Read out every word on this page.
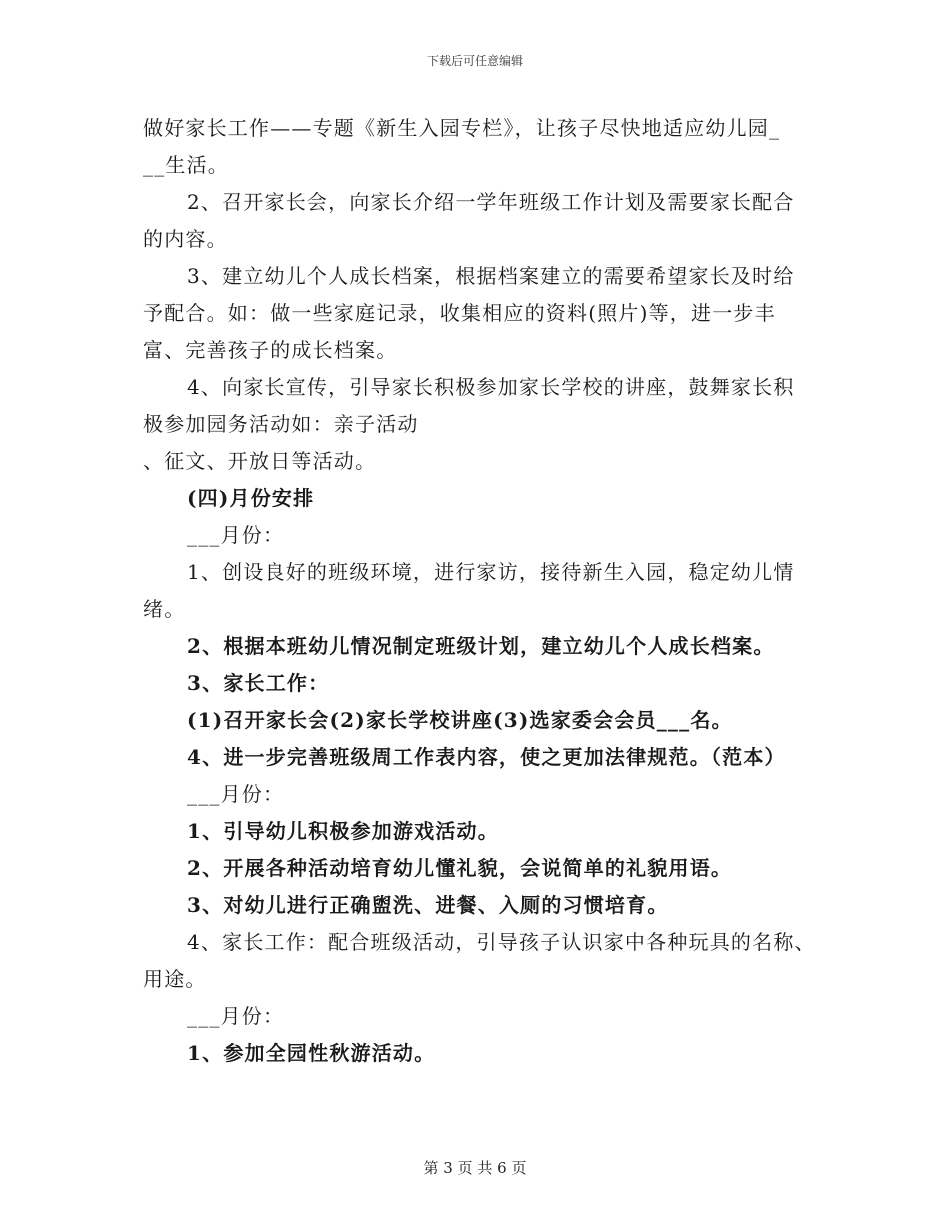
下载后可任意编辑
做好家长工作——专题《新生入园专栏》，让孩子尽快地适应幼儿园_
__生活。
2、召开家长会，向家长介绍一学年班级工作计划及需要家长配合
的内容。
3、建立幼儿个人成长档案，根据档案建立的需要希望家长及时给
予配合。如：做一些家庭记录，收集相应的资料(照片)等，进一步丰
富、完善孩子的成长档案。
4、向家长宣传，引导家长积极参加家长学校的讲座，鼓舞家长积
极参加园务活动如：亲子活动
、征文、开放日等活动。
(四)月份安排
___月份：
1、创设良好的班级环境，进行家访，接待新生入园，稳定幼儿情
绪。
2、根据本班幼儿情况制定班级计划，建立幼儿个人成长档案。
3、家长工作：
(1)召开家长会(2)家长学校讲座(3)选家委会会员___名。
4、进一步完善班级周工作表内容，使之更加法律规范。（范本）
___月份：
1、引导幼儿积极参加游戏活动。
2、开展各种活动培育幼儿懂礼貌，会说简单的礼貌用语。
3、对幼儿进行正确盥洗、进餐、入厕的习惯培育。
4、家长工作：配合班级活动，引导孩子认识家中各种玩具的名称、
用途。
___月份：
1、参加全园性秋游活动。
第 3 页 共 6 页
